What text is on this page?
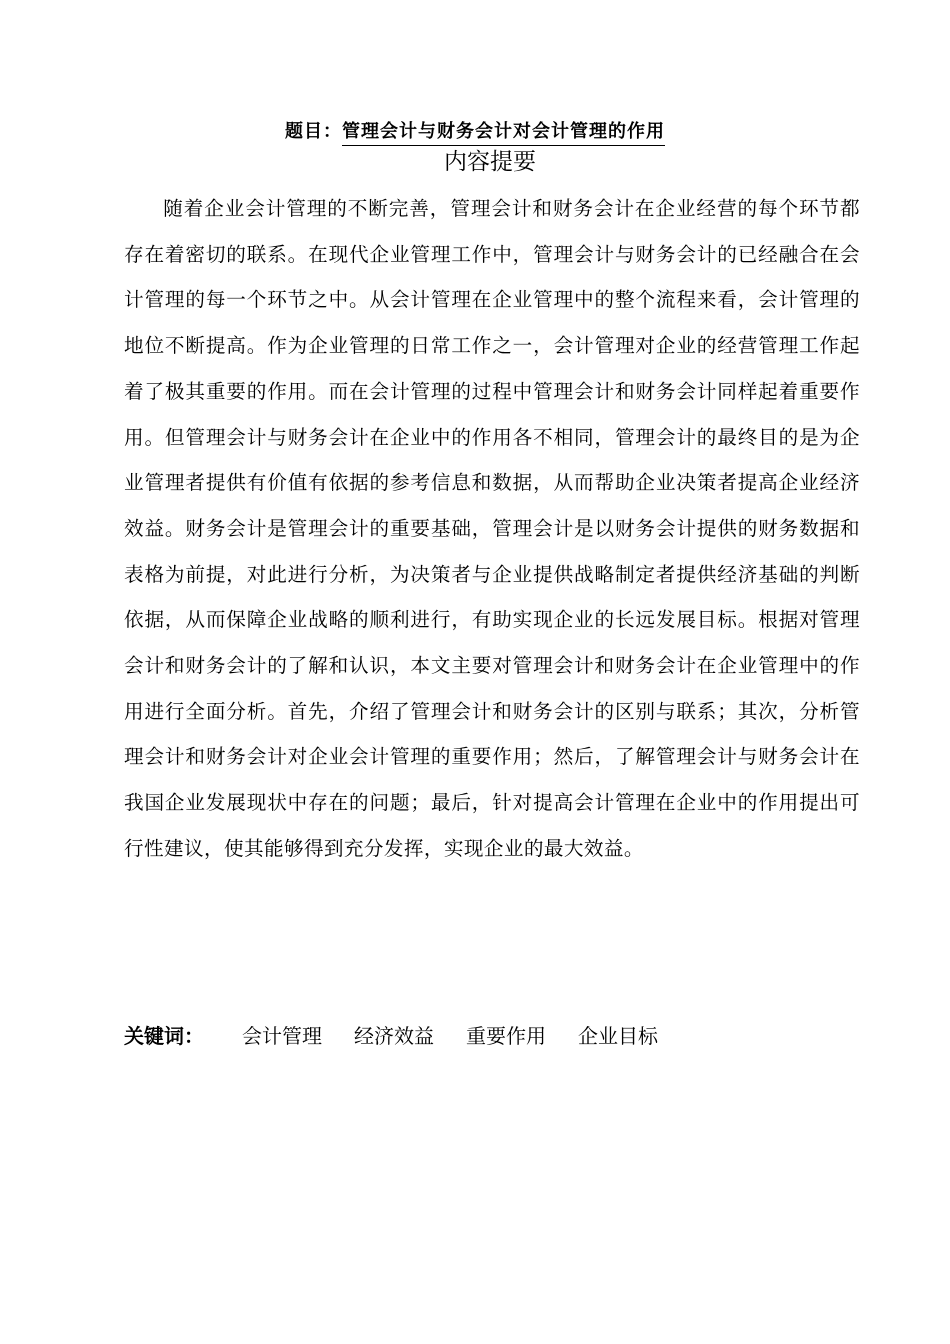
题目：管理会计与财务会计对会计管理的作用
内容提要

随着企业会计管理的不断完善，管理会计和财务会计在企业经营的每个环节都存在着密切的联系。在现代企业管理工作中，管理会计与财务会计的已经融合在会计管理的每一个环节之中。从会计管理在企业管理中的整个流程来看，会计管理的地位不断提高。作为企业管理的日常工作之一，会计管理对企业的经营管理工作起着了极其重要的作用。而在会计管理的过程中管理会计和财务会计同样起着重要作用。但管理会计与财务会计在企业中的作用各不相同，管理会计的最终目的是为企业管理者提供有价值有依据的参考信息和数据，从而帮助企业决策者提高企业经济效益。财务会计是管理会计的重要基础，管理会计是以财务会计提供的财务数据和表格为前提，对此进行分析，为决策者与企业提供战略制定者提供经济基础的判断依据，从而保障企业战略的顺利进行，有助实现企业的长远发展目标。根据对管理会计和财务会计的了解和认识，本文主要对管理会计和财务会计在企业管理中的作用进行全面分析。首先，介绍了管理会计和财务会计的区别与联系；其次，分析管理会计和财务会计对企业会计管理的重要作用；然后，了解管理会计与财务会计在我国企业发展现状中存在的问题；最后，针对提高会计管理在企业中的作用提出可行性建议，使其能够得到充分发挥，实现企业的最大效益。

关键词： 会计管理 经济效益 重要作用 企业目标
